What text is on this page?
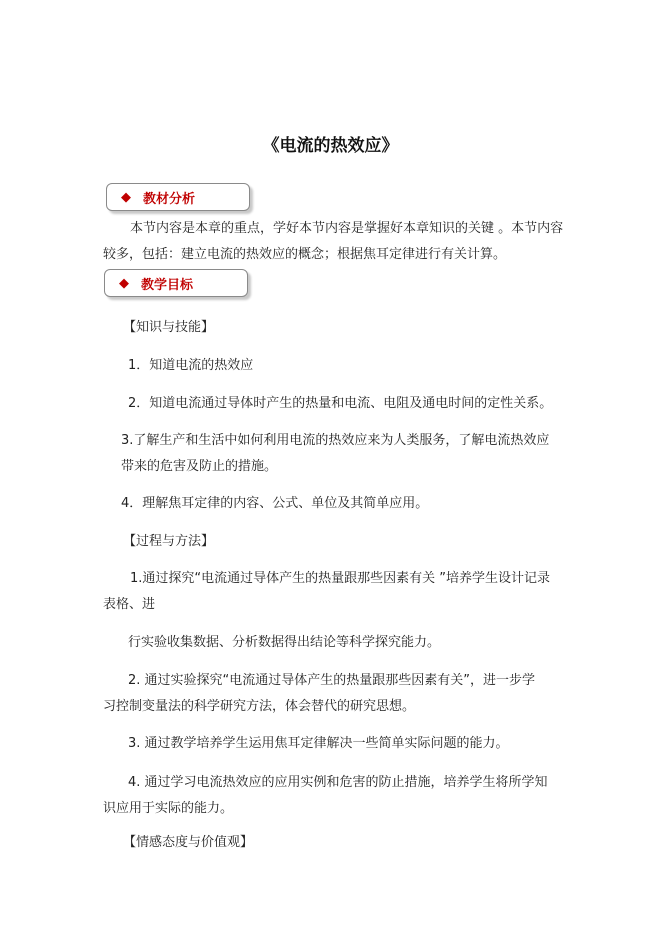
《电流的热效应》
◆ 教材分析
本节内容是本章的重点，学好本节内容是掌握好本章知识的关键 。本节内容
较多，包括：建立电流的热效应的概念；根据焦耳定律进行有关计算。
◆ 教学目标
【知识与技能】
1．知道电流的热效应
2．知道电流通过导体时产生的热量和电流、电阻及通电时间的定性关系。
3.了解生产和生活中如何利用电流的热效应来为人类服务，了解电流热效应
带来的危害及防止的措施。
4．理解焦耳定律的内容、公式、单位及其简单应用。
【过程与方法】
1.通过探究“电流通过导体产生的热量跟那些因素有关 ”培养学生设计记录
表格、进
行实验收集数据、分析数据得出结论等科学探究能力。
2. 通过实验探究“电流通过导体产生的热量跟那些因素有关”，进一步学
习控制变量法的科学研究方法，体会替代的研究思想。
3. 通过教学培养学生运用焦耳定律解决一些简单实际问题的能力。
4. 通过学习电流热效应的应用实例和危害的防止措施，培养学生将所学知
识应用于实际的能力。
【情感态度与价值观】
